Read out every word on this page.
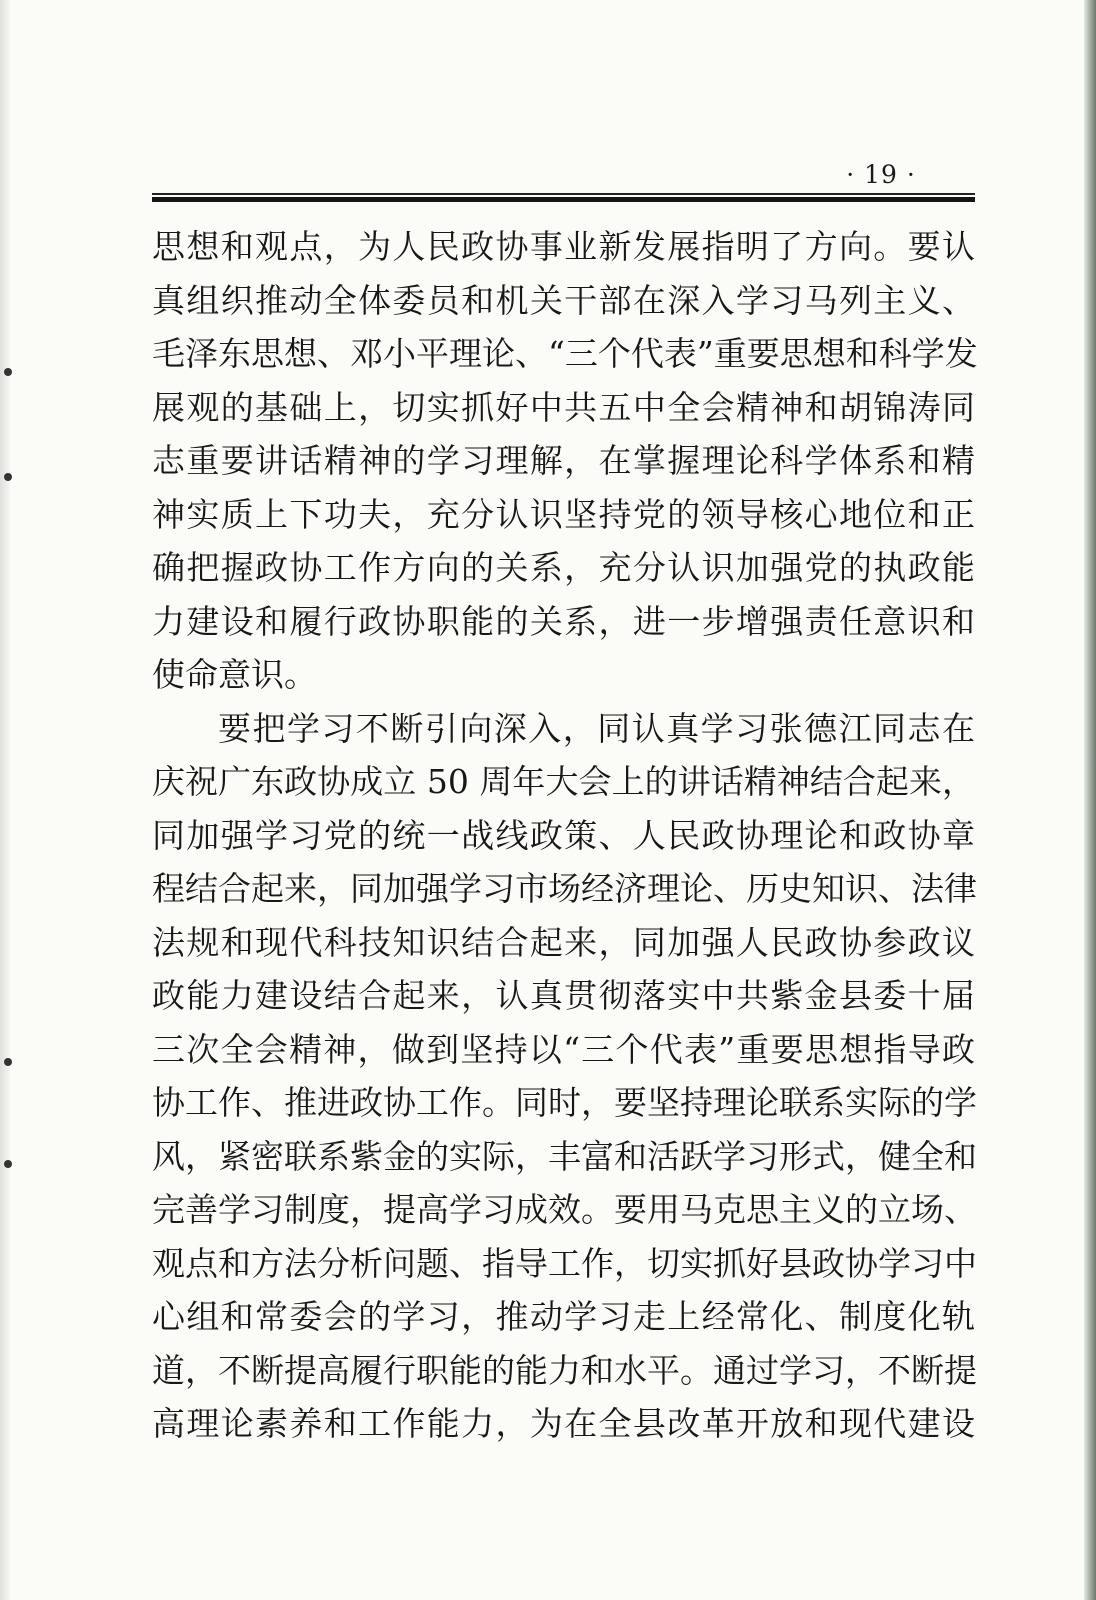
· 19 ·
思想和观点，为人民政协事业新发展指明了方向。要认
真组织推动全体委员和机关干部在深入学习马列主义、
毛泽东思想、邓小平理论、“三个代表”重要思想和科学发
展观的基础上，切实抓好中共五中全会精神和胡锦涛同
志重要讲话精神的学习理解，在掌握理论科学体系和精
神实质上下功夫，充分认识坚持党的领导核心地位和正
确把握政协工作方向的关系，充分认识加强党的执政能
力建设和履行政协职能的关系，进一步增强责任意识和
使命意识。
要把学习不断引向深入，同认真学习张德江同志在
庆祝广东政协成立 50 周年大会上的讲话精神结合起来，
同加强学习党的统一战线政策、人民政协理论和政协章
程结合起来，同加强学习市场经济理论、历史知识、法律
法规和现代科技知识结合起来，同加强人民政协参政议
政能力建设结合起来，认真贯彻落实中共紫金县委十届
三次全会精神，做到坚持以“三个代表”重要思想指导政
协工作、推进政协工作。同时，要坚持理论联系实际的学
风，紧密联系紫金的实际，丰富和活跃学习形式，健全和
完善学习制度，提高学习成效。要用马克思主义的立场、
观点和方法分析问题、指导工作，切实抓好县政协学习中
心组和常委会的学习，推动学习走上经常化、制度化轨
道，不断提高履行职能的能力和水平。通过学习，不断提
高理论素养和工作能力，为在全县改革开放和现代建设
